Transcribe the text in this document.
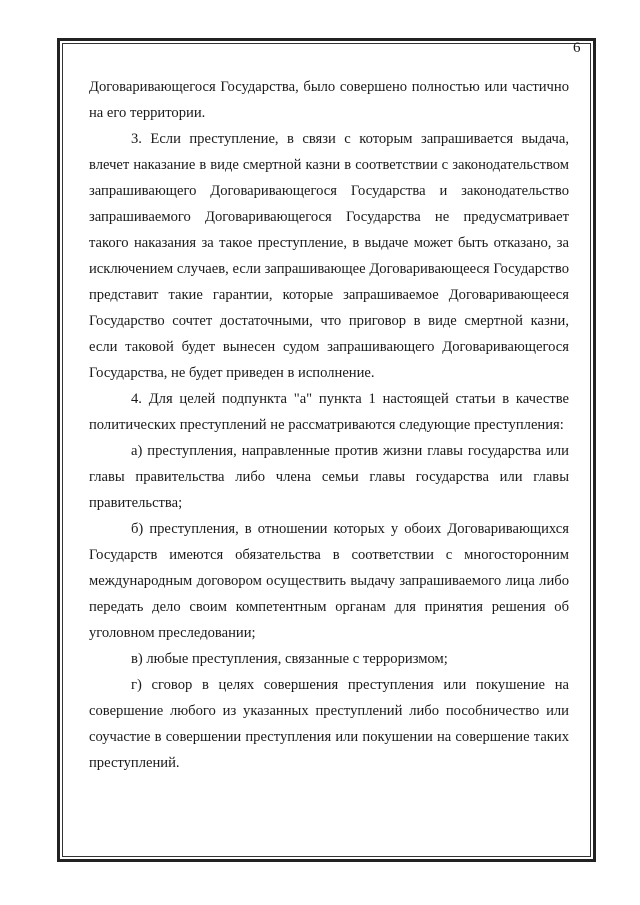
6

Договаривающегося Государства, было совершено полностью или частично на его территории.

3. Если преступление, в связи с которым запрашивается выдача, влечет наказание в виде смертной казни в соответствии с законодательством запрашивающего Договаривающегося Государства и законодательство запрашиваемого Договаривающегося Государства не предусматривает такого наказания за такое преступление, в выдаче может быть отказано, за исключением случаев, если запрашивающее Договаривающееся Государство представит такие гарантии, которые запрашиваемое Договаривающееся Государство сочтет достаточными, что приговор в виде смертной казни, если таковой будет вынесен судом запрашивающего Договаривающегося Государства, не будет приведен в исполнение.

4. Для целей подпункта "а" пункта 1 настоящей статьи в качестве политических преступлений не рассматриваются следующие преступления:

а) преступления, направленные против жизни главы государства или главы правительства либо члена семьи главы государства или главы правительства;

б) преступления, в отношении которых у обоих Договаривающихся Государств имеются обязательства в соответствии с многосторонним международным договором осуществить выдачу запрашиваемого лица либо передать дело своим компетентным органам для принятия решения об уголовном преследовании;

в) любые преступления, связанные с терроризмом;

г) сговор в целях совершения преступления или покушение на совершение любого из указанных преступлений либо пособничество или соучастие в совершении преступления или покушении на совершение таких преступлений.
